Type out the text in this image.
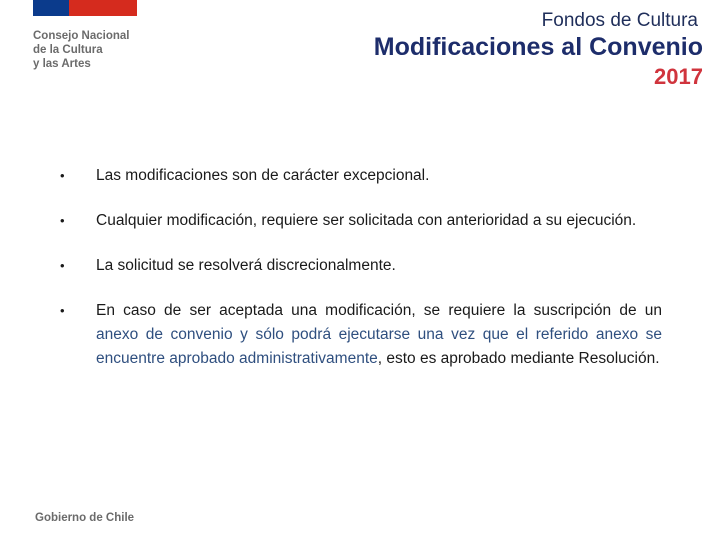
Consejo Nacional
de la Cultura
y las Artes
Fondos de Cultura
Modificaciones al Convenio
2017
•	Las modificaciones son de carácter excepcional.
•	Cualquier modificación, requiere ser solicitada con anterioridad a su ejecución.
•	La solicitud se resolverá discrecionalmente.
•	En caso de ser aceptada una modificación, se requiere la suscripción de un anexo de convenio y sólo podrá ejecutarse una vez que el referido anexo se encuentre aprobado administrativamente, esto es aprobado mediante Resolución.
Gobierno de Chile
